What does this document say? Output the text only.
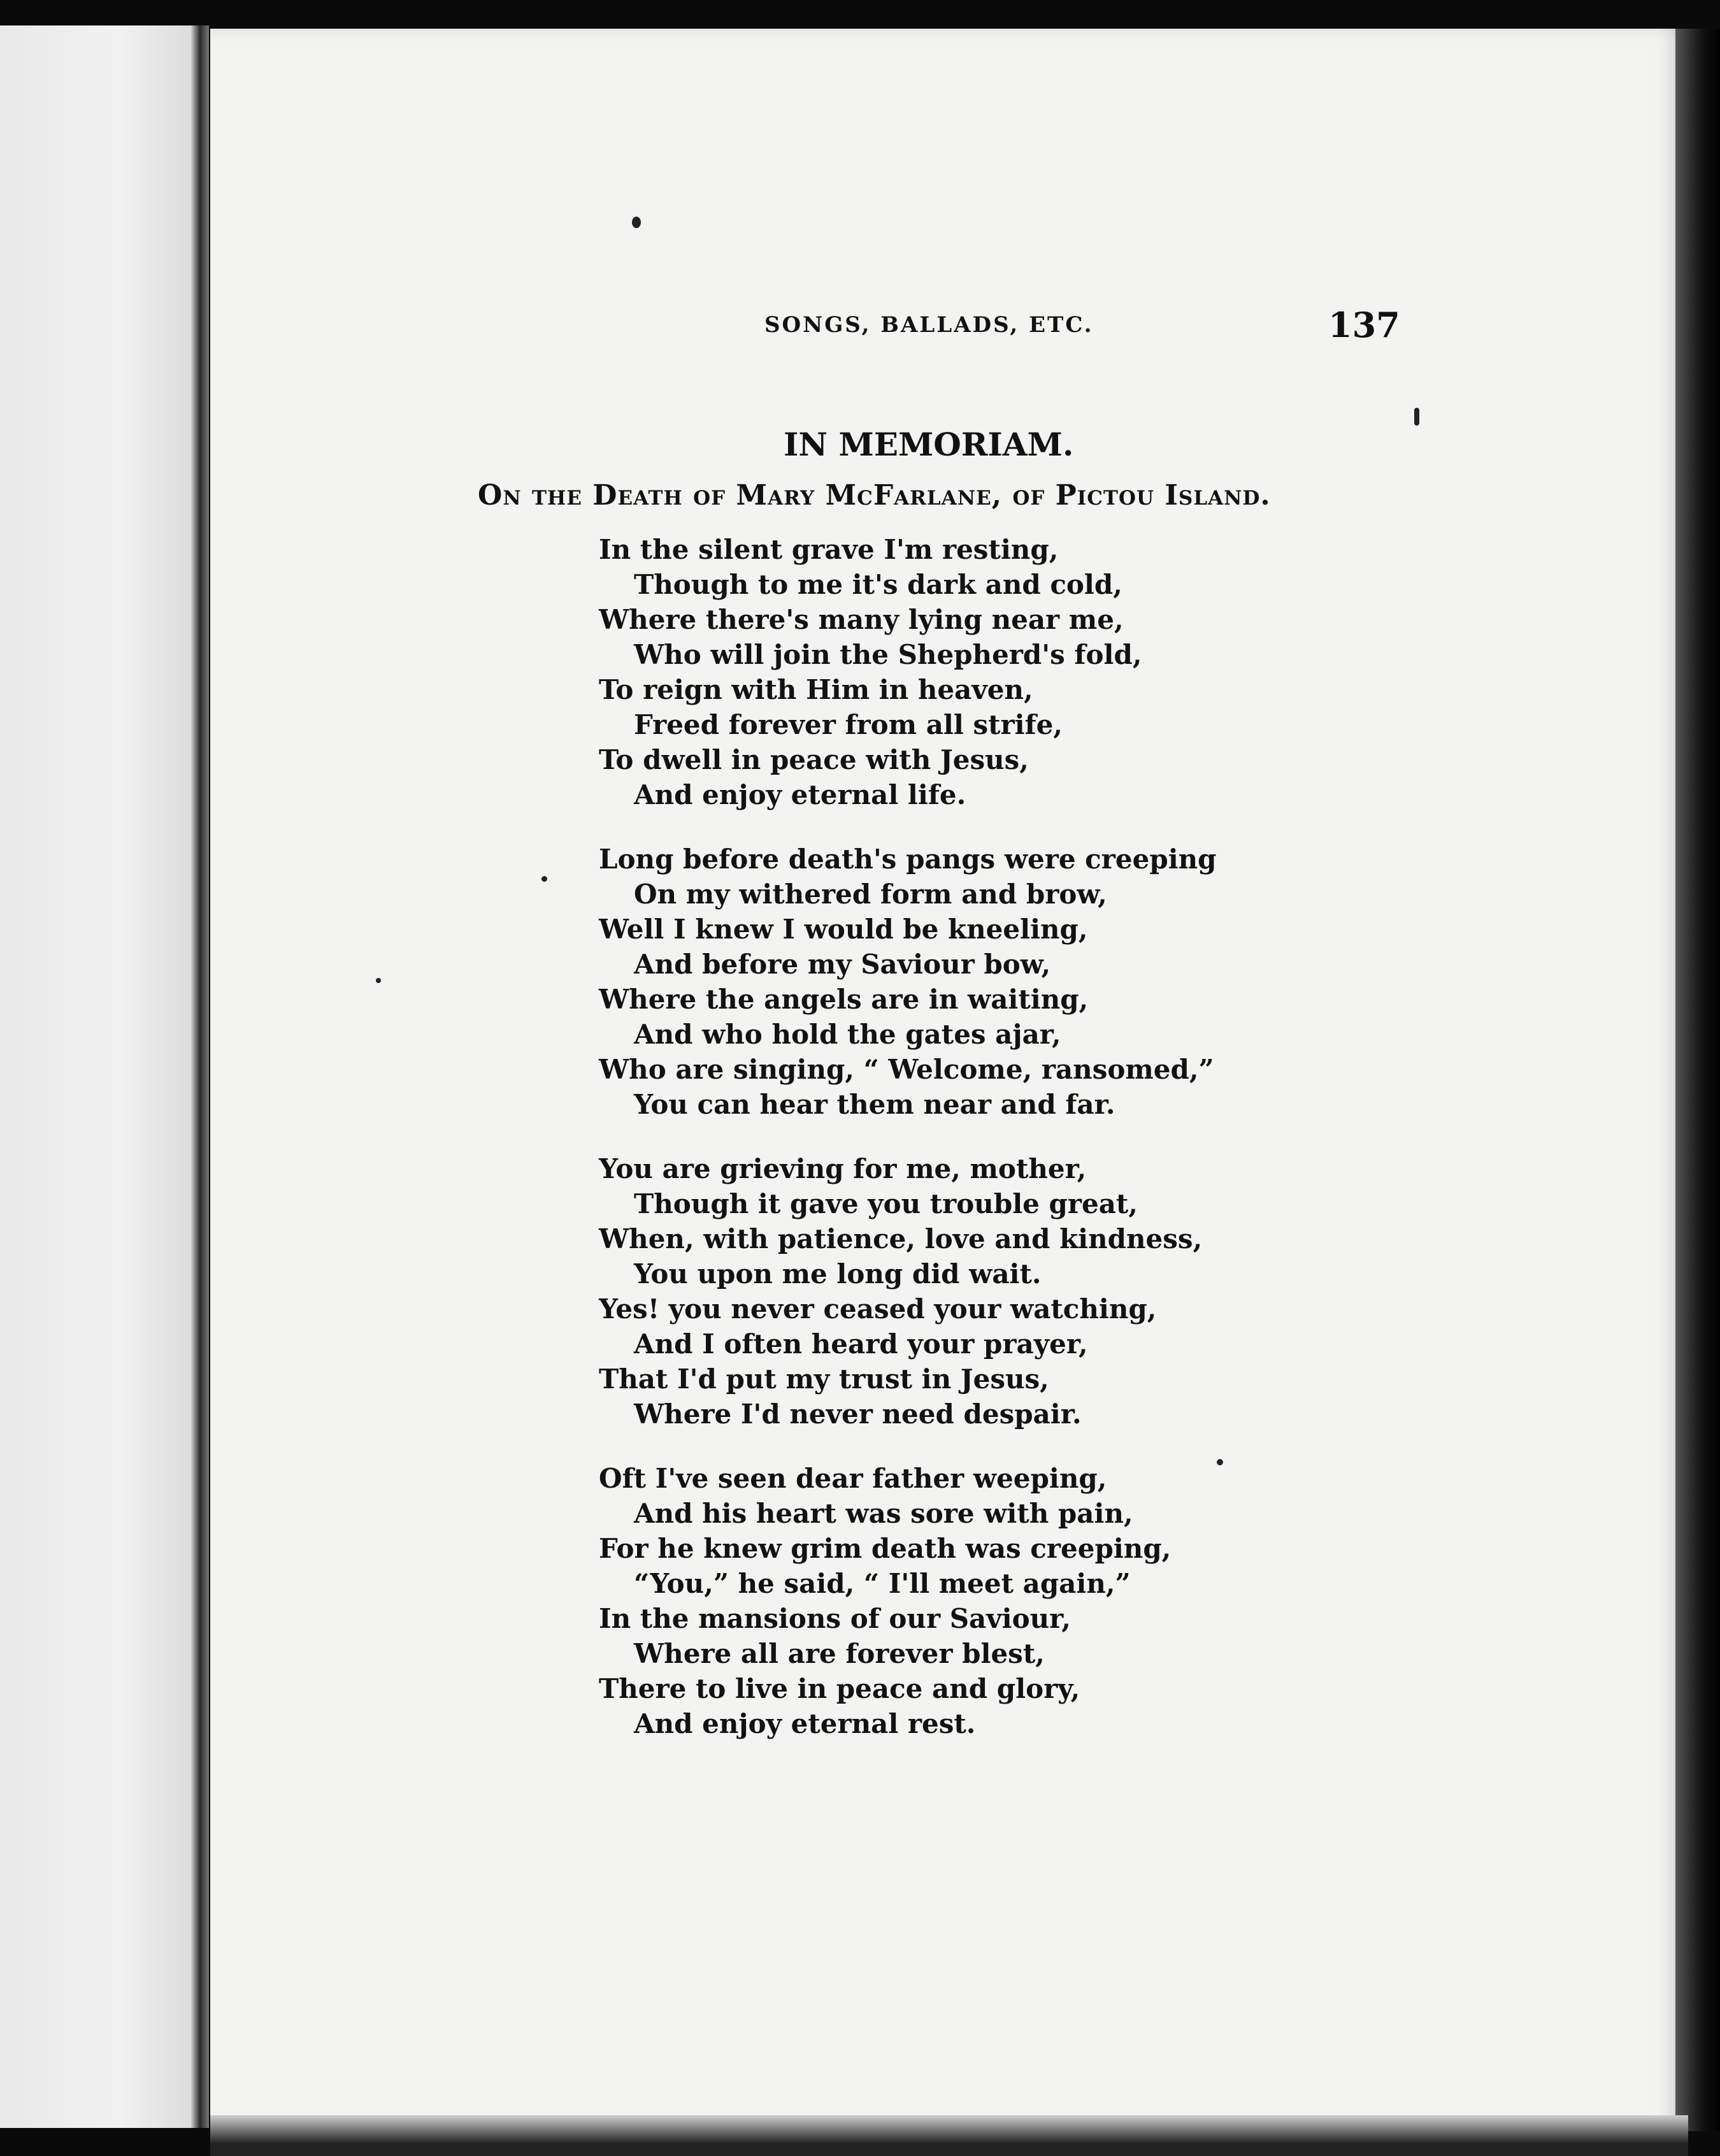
SONGS, BALLADS, ETC.	137
IN MEMORIAM.
On the Death of Mary McFarlane, of Pictou Island.
In the silent grave I'm resting,
Though to me it's dark and cold,
Where there's many lying near me,
Who will join the Shepherd's fold,
To reign with Him in heaven,
Freed forever from all strife,
To dwell in peace with Jesus,
And enjoy eternal life.
Long before death's pangs were creeping
On my withered form and brow,
Well I knew I would be kneeling,
And before my Saviour bow,
Where the angels are in waiting,
And who hold the gates ajar,
Who are singing, “ Welcome, ransomed,”
You can hear them near and far.
You are grieving for me, mother,
Though it gave you trouble great,
When, with patience, love and kindness,
You upon me long did wait.
Yes! you never ceased your watching,
And I often heard your prayer,
That I'd put my trust in Jesus,
Where I'd never need despair.
Oft I've seen dear father weeping,
And his heart was sore with pain,
For he knew grim death was creeping,
“You,” he said, “ I'll meet again,”
In the mansions of our Saviour,
Where all are forever blest,
There to live in peace and glory,
And enjoy eternal rest.
